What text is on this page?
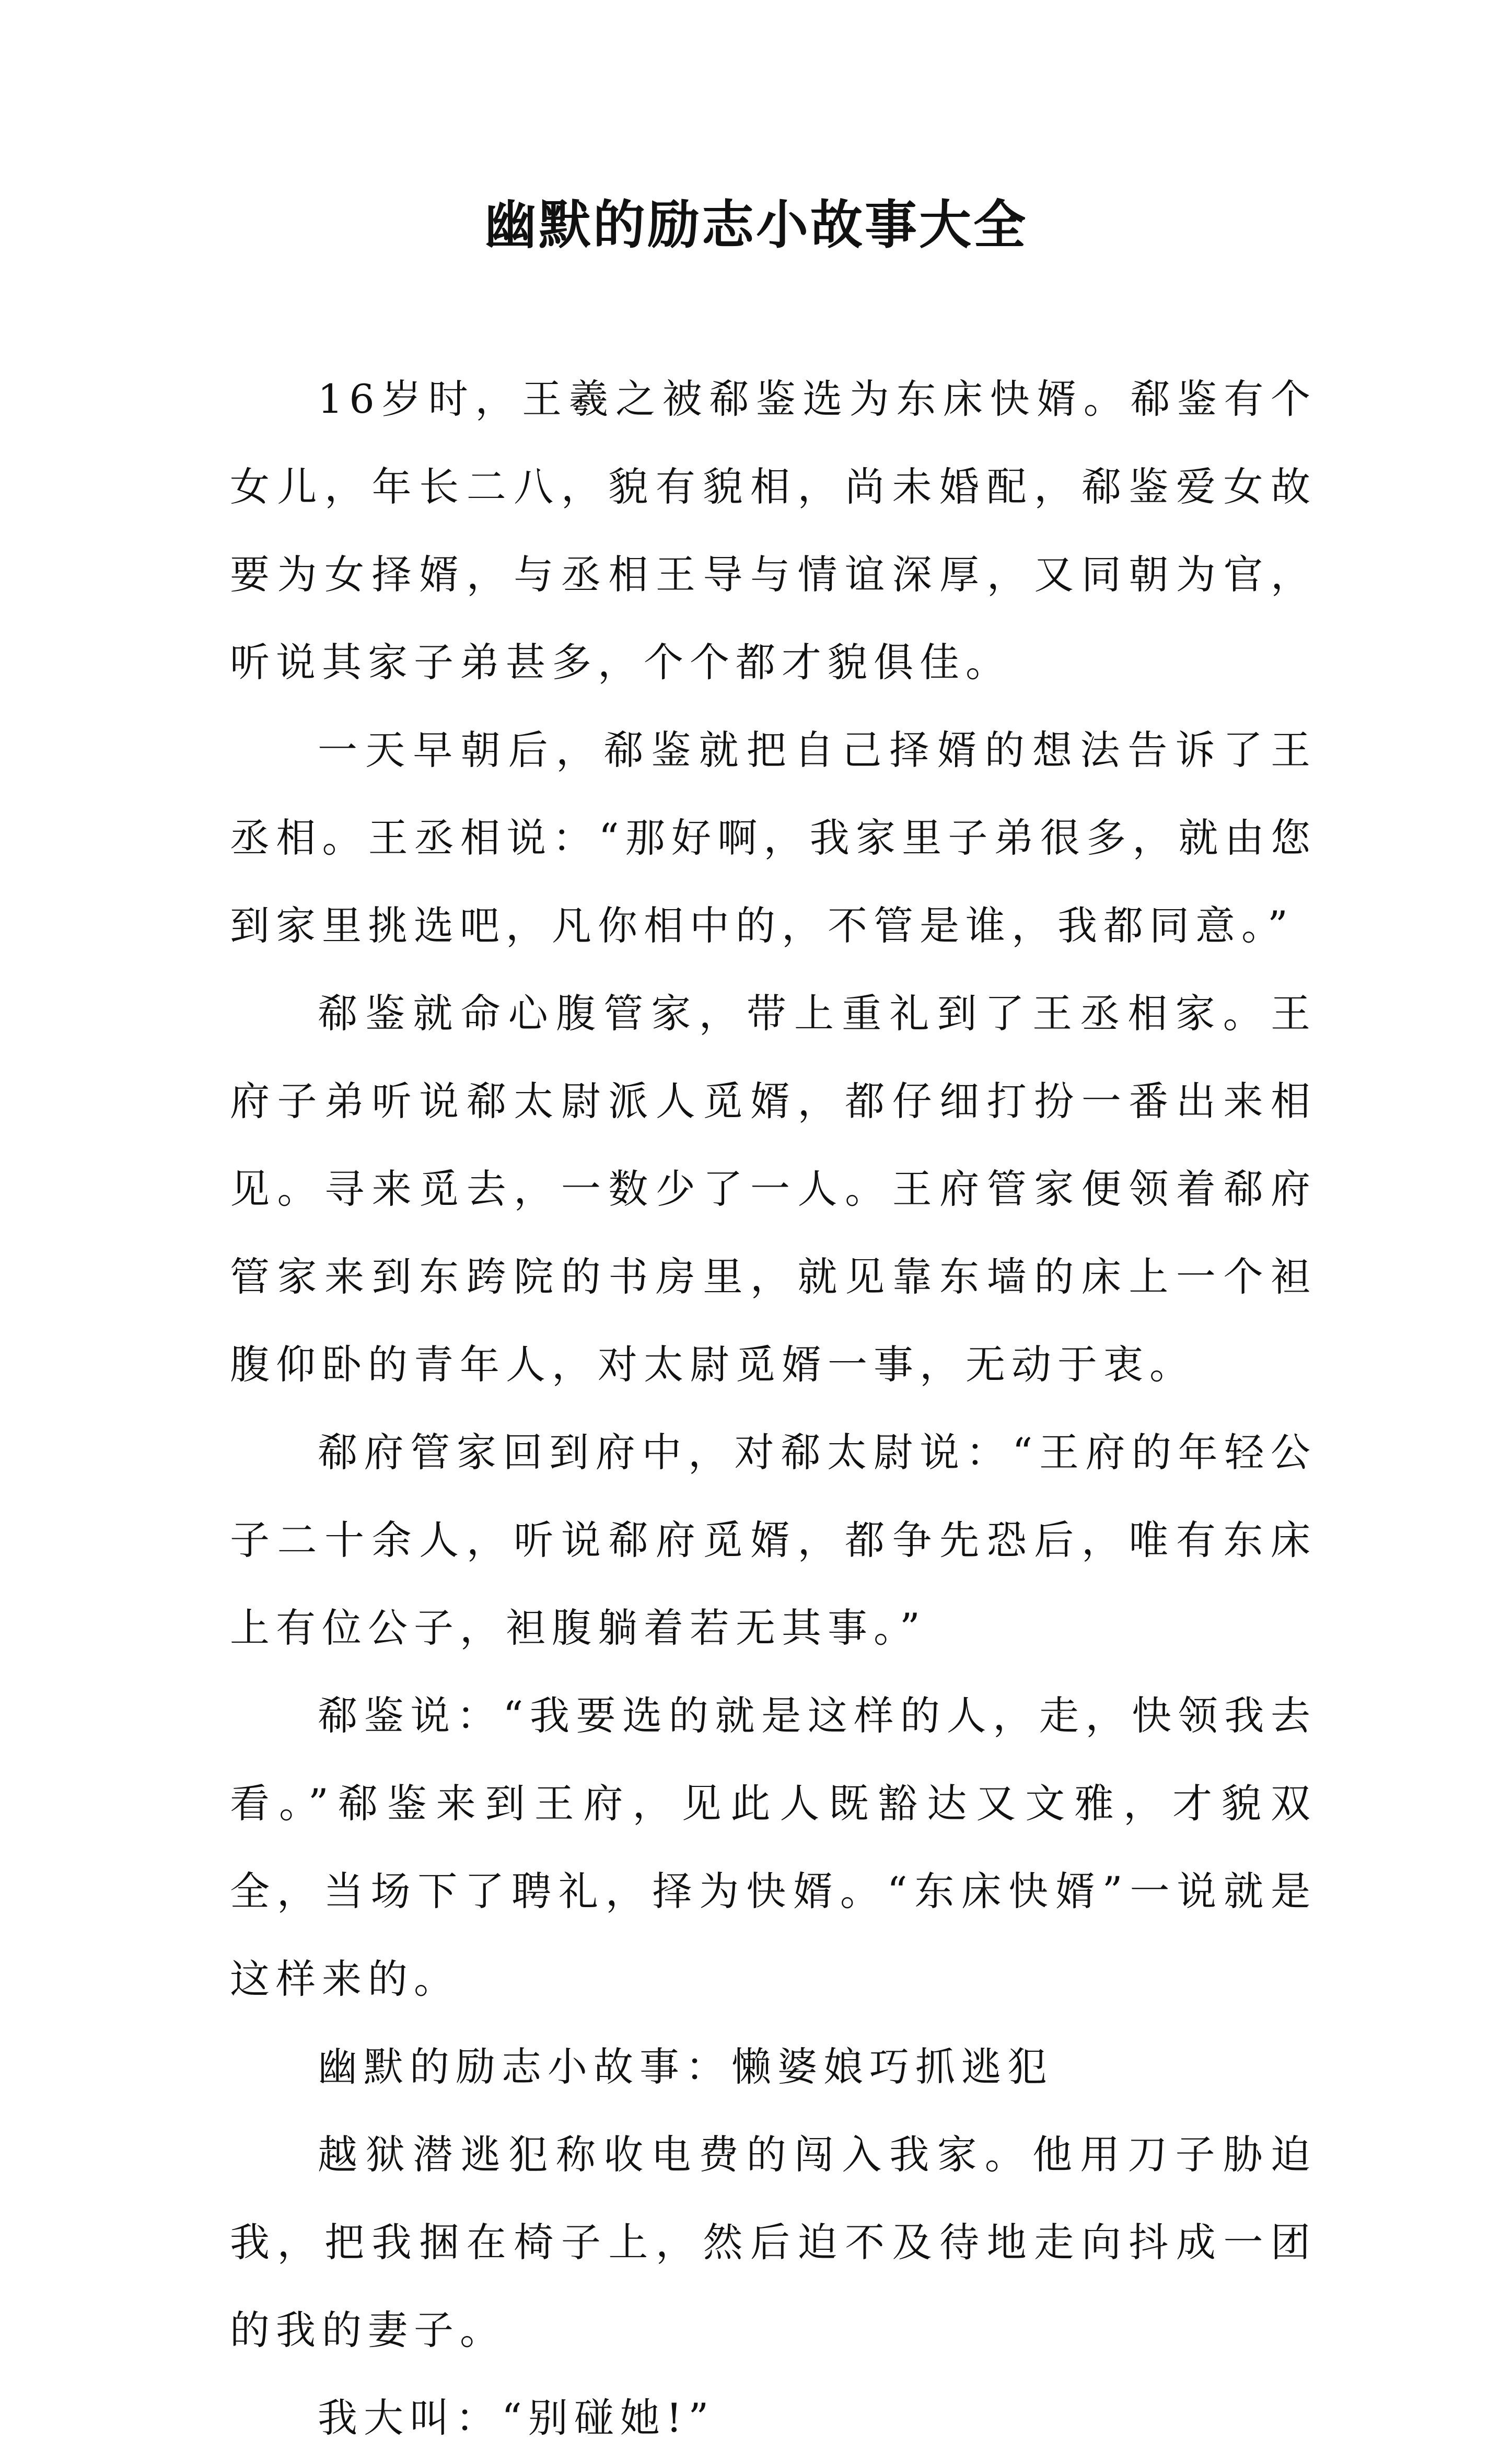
幽默的励志小故事大全

16岁时，王羲之被郗鉴选为东床快婿。郗鉴有个女儿，年长二八，貌有貌相，尚未婚配，郗鉴爱女故要为女择婿，与丞相王导与情谊深厚，又同朝为官，听说其家子弟甚多，个个都才貌俱佳。

一天早朝后，郗鉴就把自己择婿的想法告诉了王丞相。王丞相说：“那好啊，我家里子弟很多，就由您到家里挑选吧，凡你相中的，不管是谁，我都同意。”

郗鉴就命心腹管家，带上重礼到了王丞相家。王府子弟听说郗太尉派人觅婿，都仔细打扮一番出来相见。寻来觅去，一数少了一人。王府管家便领着郗府管家来到东跨院的书房里，就见靠东墙的床上一个袒腹仰卧的青年人，对太尉觅婿一事，无动于衷。

郗府管家回到府中，对郗太尉说：“王府的年轻公子二十余人，听说郗府觅婿，都争先恐后，唯有东床上有位公子，袒腹躺着若无其事。”

郗鉴说：“我要选的就是这样的人，走，快领我去看。”郗鉴来到王府，见此人既豁达又文雅，才貌双全，当场下了聘礼，择为快婿。“东床快婿”一说就是这样来的。

幽默的励志小故事：懒婆娘巧抓逃犯

越狱潜逃犯称收电费的闯入我家。他用刀子胁迫我，把我捆在椅子上，然后迫不及待地走向抖成一团的我的妻子。

我大叫：“别碰她!”
